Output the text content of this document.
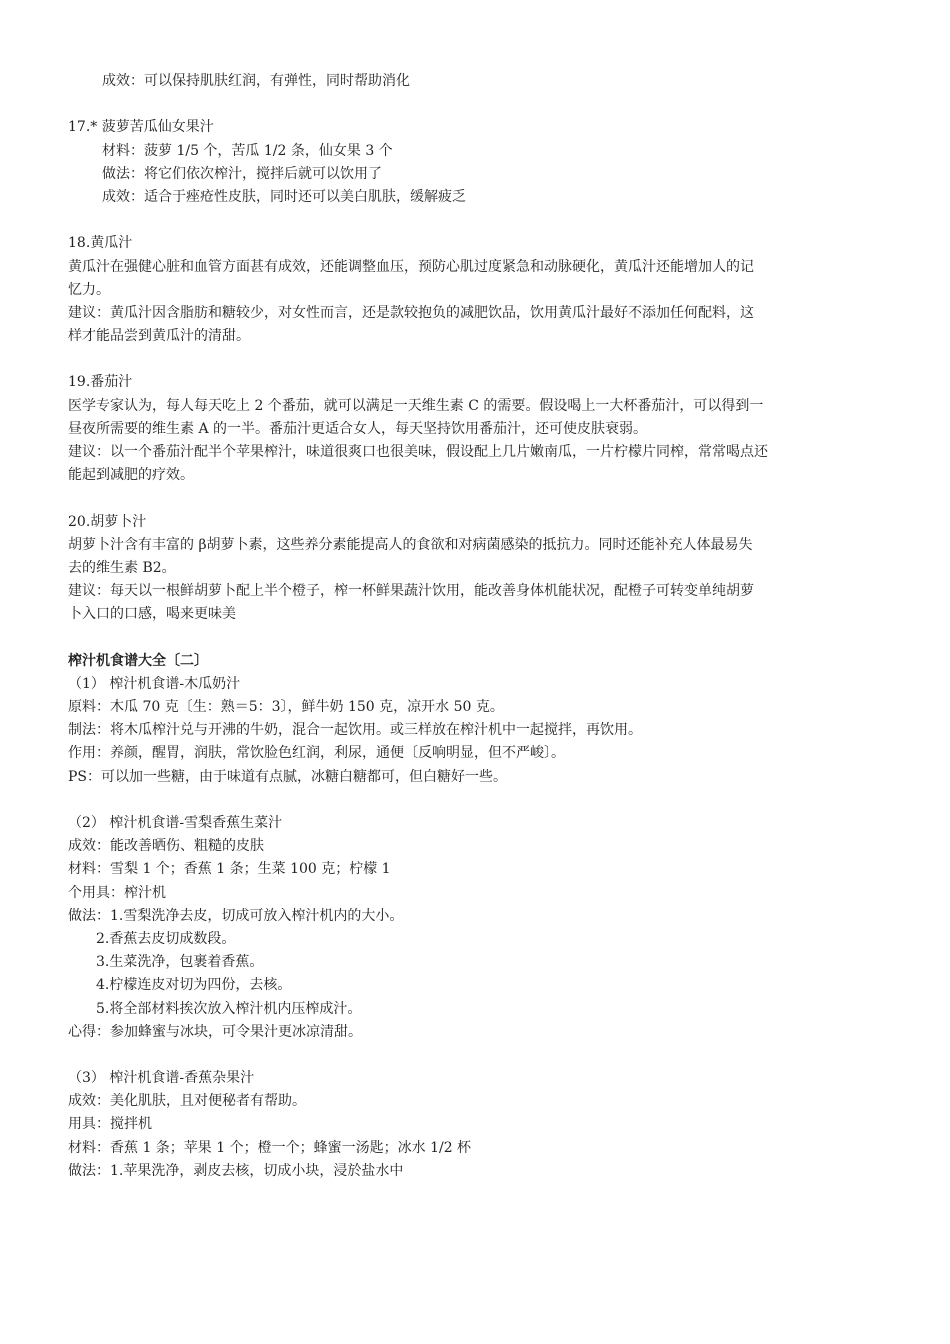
成效：可以保持肌肤红润，有弹性，同时帮助消化
17.* 菠萝苦瓜仙女果汁
材料：菠萝 1/5 个，苦瓜 1/2 条，仙女果 3 个
做法：将它们依次榨汁，搅拌后就可以饮用了
成效：适合于痤疮性皮肤，同时还可以美白肌肤，缓解疲乏
18.黄瓜汁
黄瓜汁在强健心脏和血管方面甚有成效，还能调整血压，预防心肌过度紧急和动脉硬化，黄瓜汁还能增加人的记
忆力。
建议：黄瓜汁因含脂肪和糖较少，对女性而言，还是款较抱负的减肥饮品，饮用黄瓜汁最好不添加任何配料，这
样才能品尝到黄瓜汁的清甜。
19.番茄汁
医学专家认为，每人每天吃上 2 个番茄，就可以满足一天维生素 C 的需要。假设喝上一大杯番茄汁，可以得到一
昼夜所需要的维生素 A 的一半。番茄汁更适合女人，每天坚持饮用番茄汁，还可使皮肤衰弱。
建议：以一个番茄汁配半个苹果榨汁，味道很爽口也很美味，假设配上几片嫩南瓜，一片柠檬片同榨，常常喝点还
能起到减肥的疗效。
20.胡萝卜汁
胡萝卜汁含有丰富的 β胡萝卜素，这些养分素能提高人的食欲和对病菌感染的抵抗力。同时还能补充人体最易失
去的维生素 B2。
建议：每天以一根鲜胡萝卜配上半个橙子，榨一杯鲜果蔬汁饮用，能改善身体机能状况，配橙子可转变单纯胡萝
卜入口的口感，喝来更味美
榨汁机食谱大全〔二〕
（1） 榨汁机食谱-木瓜奶汁
原料：木瓜 70 克〔生：熟＝5：3〕，鲜牛奶 150 克，凉开水 50 克。
制法：将木瓜榨汁兑与开沸的牛奶，混合一起饮用。或三样放在榨汁机中一起搅拌，再饮用。
作用：养颜，醒胃，润肤，常饮脸色红润，利尿，通便〔反响明显，但不严峻〕。
PS：可以加一些糖，由于味道有点腻，冰糖白糖都可，但白糖好一些。
（2） 榨汁机食谱-雪梨香蕉生菜汁
成效：能改善晒伤、粗糙的皮肤
材料：雪梨 1 个；香蕉 1 条；生菜 100 克；柠檬 1
个用具：榨汁机
做法：1.雪梨洗净去皮，切成可放入榨汁机内的大小。
2.香蕉去皮切成数段。
3.生菜洗净，包裹着香蕉。
4.柠檬连皮对切为四份，去核。
5.将全部材料挨次放入榨汁机内压榨成汁。
心得：参加蜂蜜与冰块，可令果汁更冰凉清甜。
（3） 榨汁机食谱-香蕉杂果汁
成效：美化肌肤，且对便秘者有帮助。
用具：搅拌机
材料：香蕉 1 条；苹果 1 个；橙一个；蜂蜜一汤匙；冰水 1/2 杯
做法：1.苹果洗净，剥皮去核，切成小块，浸於盐水中
